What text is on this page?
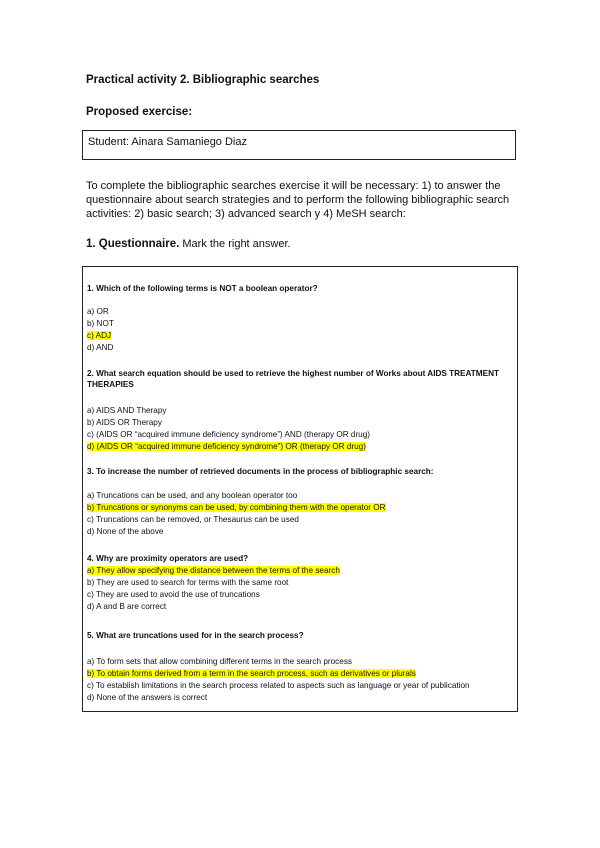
Practical activity 2. Bibliographic searches
Proposed exercise:
Student: Ainara Samaniego Diaz
To complete the bibliographic searches exercise it will be necessary: 1) to answer the questionnaire about search strategies and to perform the following bibliographic search activities: 2) basic search; 3) advanced search y 4) MeSH search:
1. Questionnaire. Mark the right answer.
1. Which of the following terms is NOT a boolean operator?
a) OR
b) NOT
c) ADJ
d) AND
2. What search equation should be used to retrieve the highest number of Works about AIDS TREATMENT THERAPIES
a) AIDS AND Therapy
b) AIDS OR Therapy
c) (AIDS OR “acquired immune deficiency syndrome”) AND (therapy OR drug)
d) (AIDS OR “acquired immune deficiency syndrome”) OR (therapy OR drug)
3. To increase the number of retrieved documents in the process of bibliographic search:
a) Truncations can be used, and any boolean operator too
b) Truncations or synonyms can be used, by combining them with the operator OR
c) Truncations can be removed, or Thesaurus can be used
d) None of the above
4. Why are proximity operators are used?
a) They allow specifying the distance between the terms of the search
b) They are used to search for terms with the same root
c) They are used to avoid the use of truncations
d) A and B are correct
5. What are truncations used for in the search process?
a) To form sets that allow combining different terms in the search process
b) To obtain forms derived from a term in the search process, such as derivatives or plurals
c) To establish limitations in the search process related to aspects such as language or year of publication
d) None of the answers is correct
